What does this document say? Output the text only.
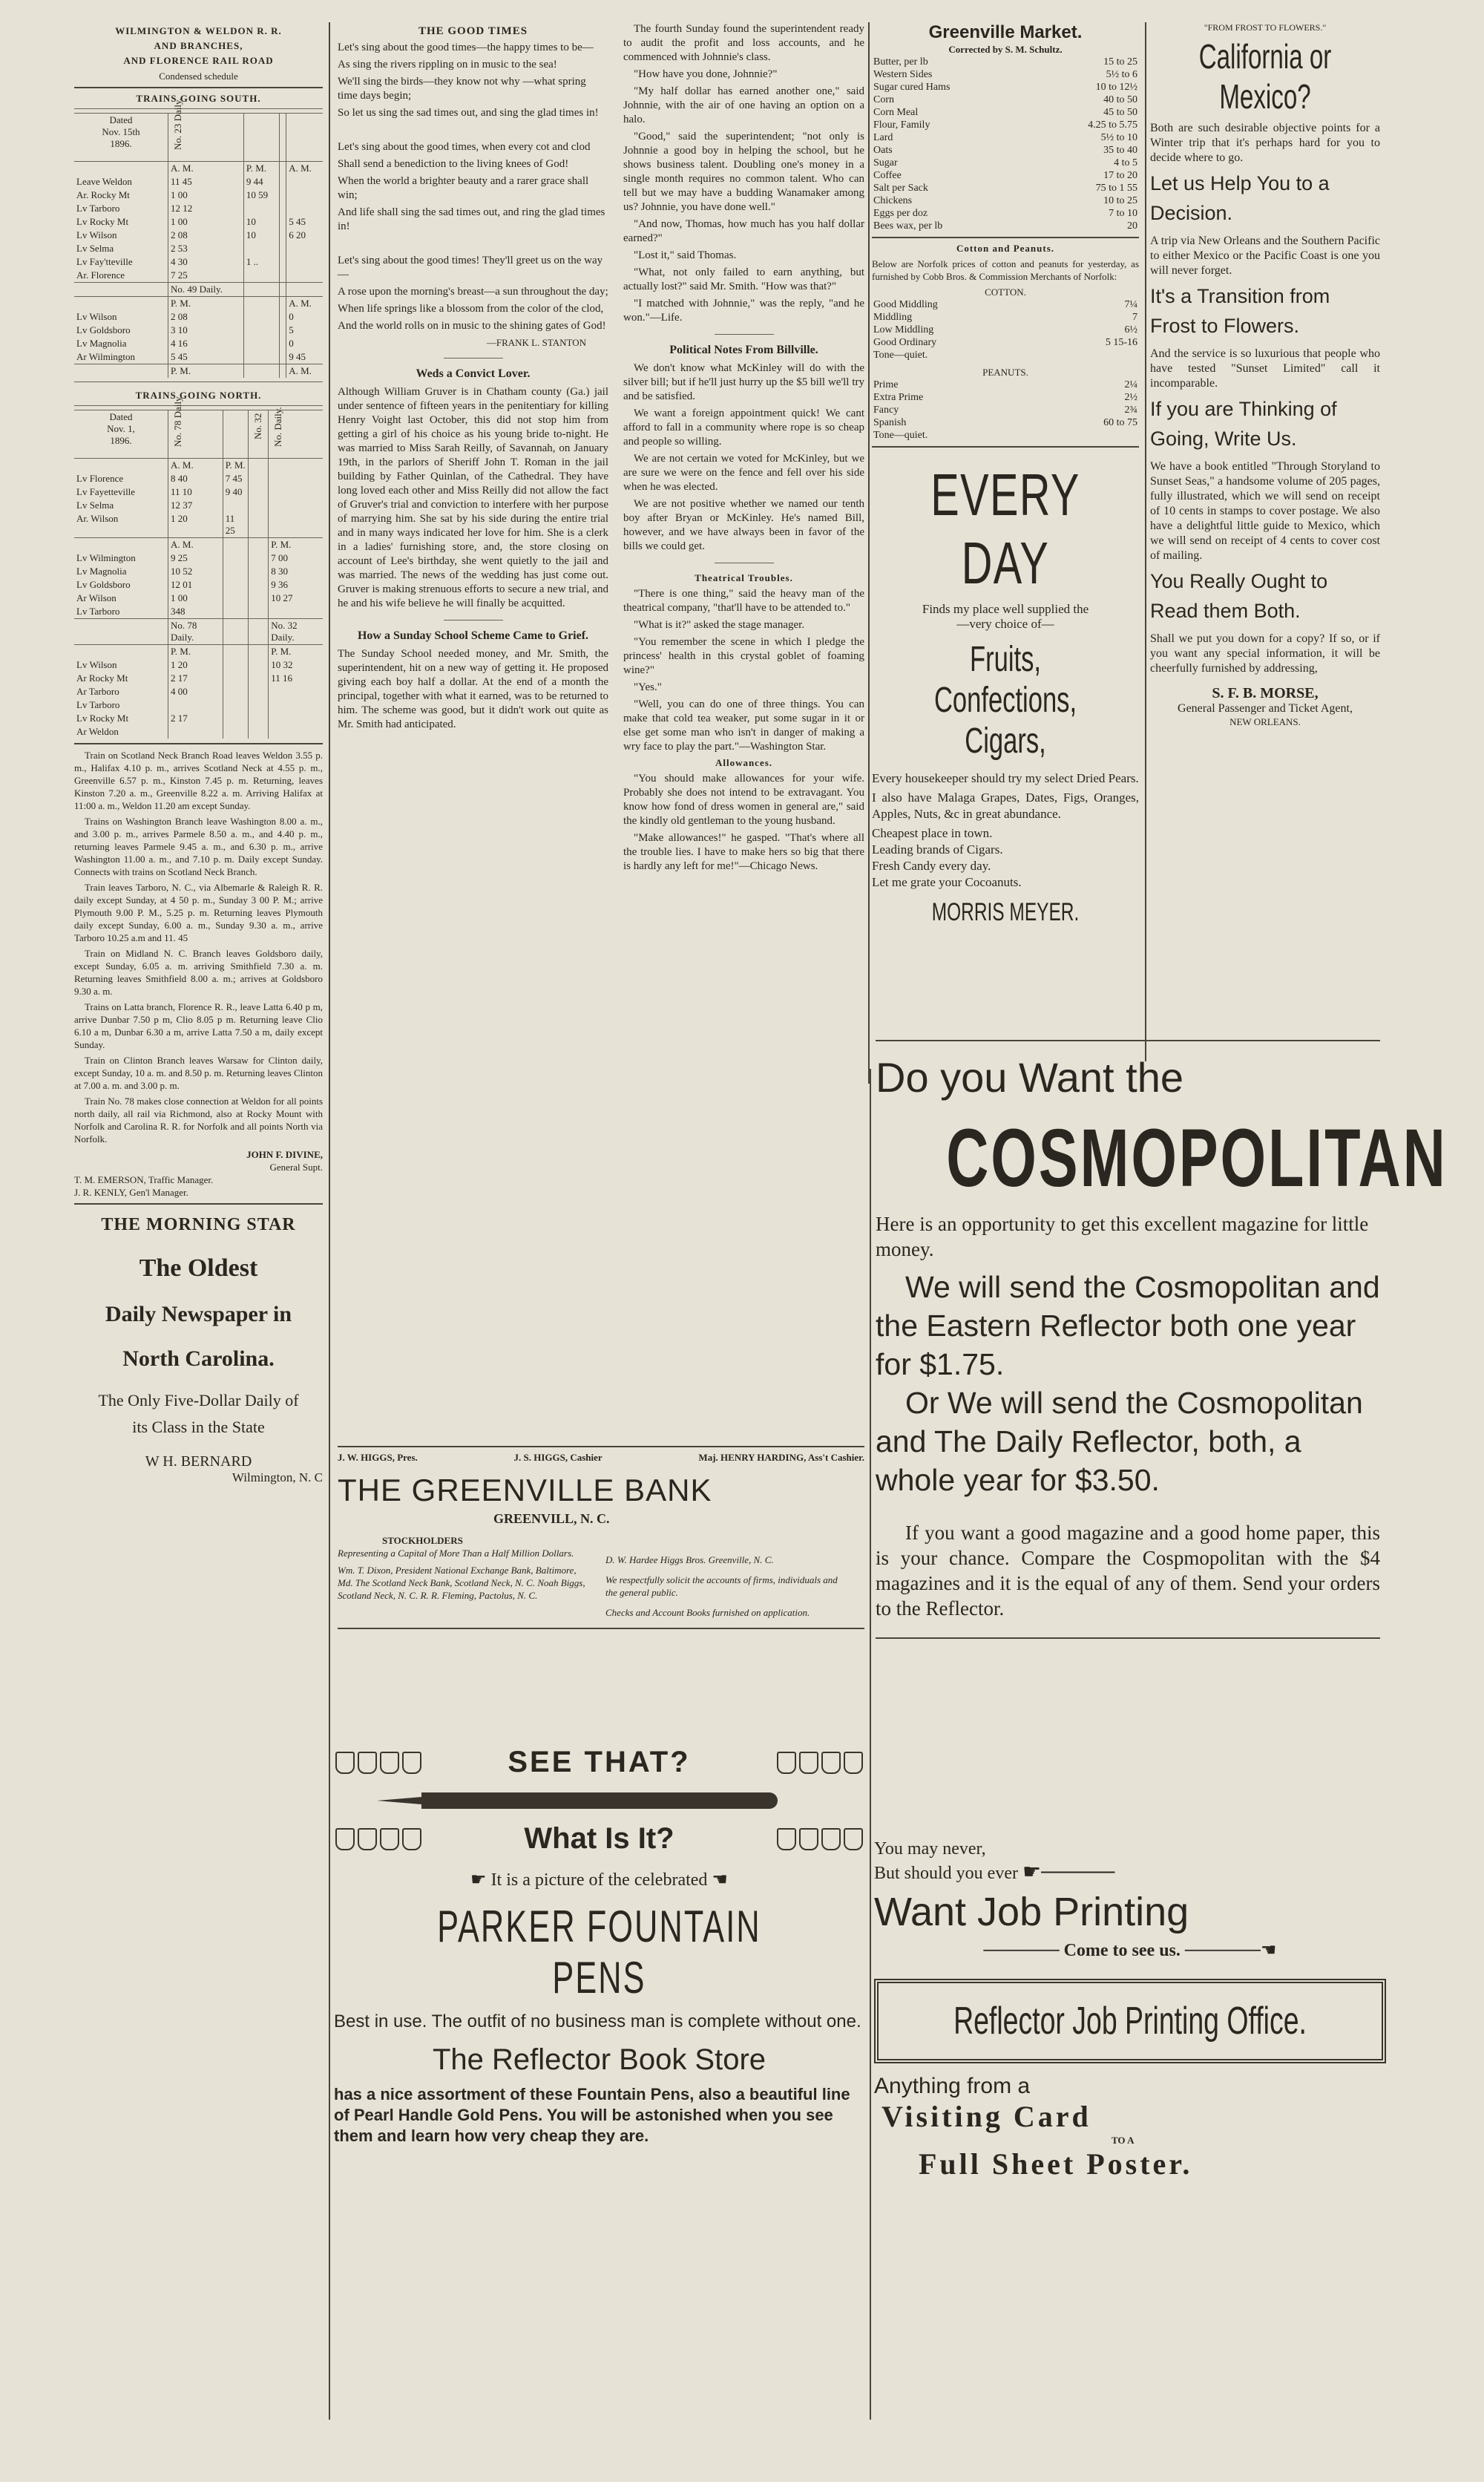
WILMINGTON & WELDON R. R.
AND BRANCHES,
AND FLORENCE RAIL ROAD
Condensed schedule
TRAINS GOING SOUTH.
Dated
Nov. 15th
1896.	No. 23 Daily.			

	A. M.	P. M.		A. M.
Leave Weldon	11 45	9 44		
Ar. Rocky Mt	1 00	10 59		
Lv Tarboro	12 12			
Lv Rocky Mt	1 00	10		5 45
Lv Wilson	2 08	10		6 20
Lv Selma	2 53			
Lv Fay'tteville	4 30	1 ..		
Ar. Florence	7 25			
	No. 49 Daily.			
	P. M.			A. M.
Lv Wilson	2 08			0
Lv Goldsboro	3 10			5
Lv Magnolia	4 16			0
Ar Wilmington	5 45			9 45
	P. M.			A. M.
TRAINS GOING NORTH.
Dated
Nov. 1,
1896.	No. 78 Daily		No. 32	No. Daily.

	A. M.	P. M.		
Lv Florence	8 40	7 45		
Lv Fayetteville	11 10	9 40		
Lv Selma	12 37			
Ar. Wilson	1 20	11 25		
	A. M.			P. M.
Lv Wilmington	9 25			7 00
Lv Magnolia	10 52			8 30
Lv Goldsboro	12 01			9 36
Ar Wilson	1 00			10 27
Lv Tarboro	348			
	No. 78 Daily.			No. 32 Daily.
	P. M.			P. M.
Lv Wilson	1 20			10 32
Ar Rocky Mt	2 17			11 16
Ar Tarboro	4 00			
Lv Tarboro				
Lv Rocky Mt	2 17			
Ar Weldon				

Train on Scotland Neck Branch Road leaves Weldon 3.55 p. m., Halifax 4.10 p. m., arrives Scotland Neck at 4.55 p. m., Greenville 6.57 p. m., Kinston 7.45 p. m. Returning, leaves Kinston 7.20 a. m., Greenville 8.22 a. m. Arriving Halifax at 11:00 a. m., Weldon 11.20 am except Sunday.

Trains on Washington Branch leave Washington 8.00 a. m., and 3.00 p. m., arrives Parmele 8.50 a. m., and 4.40 p. m., returning leaves Parmele 9.45 a. m., and 6.30 p. m., arrive Washington 11.00 a. m., and 7.10 p. m. Daily except Sunday. Connects with trains on Scotland Neck Branch.

Train leaves Tarboro, N. C., via Albemarle & Raleigh R. R. daily except Sunday, at 4 50 p. m., Sunday 3 00 P. M.; arrive Plymouth 9.00 P. M., 5.25 p. m. Returning leaves Plymouth daily except Sunday, 6.00 a. m., Sunday 9.30 a. m., arrive Tarboro 10.25 a.m and 11. 45

Train on Midland N. C. Branch leaves Goldsboro daily, except Sunday, 6.05 a. m. arriving Smithfield 7.30 a. m. Returning leaves Smithfield 8.00 a. m.; arrives at Goldsboro 9.30 a. m.

Trains on Latta branch, Florence R. R., leave Latta 6.40 p m, arrive Dunbar 7.50 p m, Clio 8.05 p m. Returning leave Clio 6.10 a m, Dunbar 6.30 a m, arrive Latta 7.50 a m, daily except Sunday.

Train on Clinton Branch leaves Warsaw for Clinton daily, except Sunday, 10 a. m. and 8.50 p. m. Returning leaves Clinton at 7.00 a. m. and 3.00 p. m.

Train No. 78 makes close connection at Weldon for all points north daily, all rail via Richmond, also at Rocky Mount with Norfolk and Carolina R. R. for Norfolk and all points North via Norfolk.

JOHN F. DIVINE,
General Supt.
T. M. EMERSON, Traffic Manager.
J. R. KENLY, Gen'l Manager.
THE MORNING STAR
The Oldest
Daily Newspaper in
North Carolina.
The Only Five-Dollar Daily of
its Class in the State
W H. BERNARD
Wilmington, N. C
THE GOOD TIMES

Let's sing about the good times—the happy times to be—

As sing the rivers rippling on in music to the sea!

We'll sing the birds—they know not why —what spring time days begin;

So let us sing the sad times out, and sing the glad times in!

Let's sing about the good times, when every cot and clod

Shall send a benediction to the living knees of God!

When the world a brighter beauty and a rarer grace shall win;

And life shall sing the sad times out, and ring the glad times in!

Let's sing about the good times! They'll greet us on the way—

A rose upon the morning's breast—a sun throughout the day;

When life springs like a blossom from the color of the clod,

And the world rolls on in music to the shining gates of God!

—FRANK L. STANTON
Weds a Convict Lover.

Although William Gruver is in Chatham county (Ga.) jail under sentence of fifteen years in the penitentiary for killing Henry Voight last October, this did not stop him from getting a girl of his choice as his young bride to-night. He was married to Miss Sarah Reilly, of Savannah, on January 19th, in the parlors of Sheriff John T. Roman in the jail building by Father Quinlan, of the Cathedral. They have long loved each other and Miss Reilly did not allow the fact of Gruver's trial and conviction to interfere with her purpose of marrying him. She sat by his side during the entire trial and in many ways indicated her love for him. She is a clerk in a ladies' furnishing store, and, the store closing on account of Lee's birthday, she went quietly to the jail and was married. The news of the wedding has just come out. Gruver is making strenuous efforts to secure a new trial, and he and his wife believe he will finally be acquitted.

How a Sunday School Scheme Came to Grief.

The Sunday School needed money, and Mr. Smith, the superintendent, hit on a new way of getting it. He proposed giving each boy half a dollar. At the end of a month the principal, together with what it earned, was to be returned to him. The scheme was good, but it didn't work out quite as Mr. Smith had anticipated.

The fourth Sunday found the superintendent ready to audit the profit and loss accounts, and he commenced with Johnnie's class.

"How have you done, Johnnie?"

"My half dollar has earned another one," said Johnnie, with the air of one having an option on a halo.

"Good," said the superintendent; "not only is Johnnie a good boy in helping the school, but he shows business talent. Doubling one's money in a single month requires no common talent. Who can tell but we may have a budding Wanamaker among us? Johnnie, you have done well."

"And now, Thomas, how much has you half dollar earned?"

"Lost it," said Thomas.

"What, not only failed to earn anything, but actually lost?" said Mr. Smith. "How was that?"

"I matched with Johnnie," was the reply, "and he won."—Life.

Political Notes From Billville.

We don't know what McKinley will do with the silver bill; but if he'll just hurry up the $5 bill we'll try and be satisfied.

We want a foreign appointment quick! We cant afford to fall in a community where rope is so cheap and people so willing.

We are not certain we voted for McKinley, but we are sure we were on the fence and fell over his side when he was elected.

We are not positive whether we named our tenth boy after Bryan or McKinley. He's named Bill, however, and we have always been in favor of the bills we could get.

Theatrical Troubles.

"There is one thing," said the heavy man of the theatrical company, "that'll have to be attended to."

"What is it?" asked the stage manager.

"You remember the scene in which I pledge the princess' health in this crystal goblet of foaming wine?"

"Yes."

"Well, you can do one of three things. You can make that cold tea weaker, put some sugar in it or else get some man who isn't in danger of making a wry face to play the part."—Washington Star.

Allowances.

"You should make allowances for your wife. Probably she does not intend to be extravagant. You know how fond of dress women in general are," said the kindly old gentleman to the young husband.

"Make allowances!" he gasped. "That's where all the trouble lies. I have to make hers so big that there is hardly any left for me!"—Chicago News.

J. W. HIGGS, Pres.	J. S. HIGGS, Cashier	Maj. HENRY HARDING, Ass't Cashier.
THE GREENVILLE BANK
GREENVILL, N. C.
STOCKHOLDERS
Representing a Capital of More Than a Half Million Dollars.
Wm. T. Dixon, President National Exchange Bank, Baltimore, Md. The Scotland Neck Bank, Scotland Neck, N. C. Noah Biggs, Scotland Neck, N. C. R. R. Fleming, Pactolus, N. C.
D. W. Hardee Higgs Bros. Greenville, N. C.
We respectfully solicit the accounts of firms, individuals and the general public.
Checks and Account Books furnished on application.
SEE THAT?
What Is It?
☛ It is a picture of the celebrated ☚
PARKER FOUNTAIN PENS
Best in use. The outfit of no business man is complete without one.
The Reflector Book Store
has a nice assortment of these Fountain Pens, also a beautiful line of Pearl Handle Gold Pens. You will be astonished when you see them and learn how very cheap they are.
Greenville Market.
Corrected by S. M. Schultz.
Butter, per lb	15 to 25
Western Sides	5½ to 6
Sugar cured Hams	10 to 12½
Corn	40 to 50
Corn Meal	45 to 50
Flour, Family	4.25 to 5.75
Lard	5½ to 10
Oats	35 to 40
Sugar	4 to 5
Coffee	17 to 20
Salt per Sack	75 to 1 55
Chickens	10 to 25
Eggs per doz	7 to 10
Bees wax, per lb	20
Cotton and Peanuts.

Below are Norfolk prices of cotton and peanuts for yesterday, as furnished by Cobb Bros. & Commission Merchants of Norfolk:

COTTON.
Good Middling	7¼
Middling	7
Low Middling	6½
Good Ordinary	5 15-16
Tone—quiet.	
PEANUTS.
Prime	2¼
Extra Prime	2½
Fancy	2¾
Spanish	60 to 75
Tone—quiet.	
EVERY DAY
Finds my place well supplied the
—very choice of—
Fruits, Confections, Cigars,

Every housekeeper should try my select Dried Pears.

I also have Malaga Grapes, Dates, Figs, Oranges, Apples, Nuts, &c in great abundance.

Cheapest place in town.
Leading brands of Cigars.
Fresh Candy every day.
Let me grate your Cocoanuts.
MORRIS MEYER.
"FROM FROST TO FLOWERS."
California or Mexico?

Both are such desirable objective points for a Winter trip that it's perhaps hard for you to decide where to go.

Let us Help You to a Decision.

A trip via New Orleans and the Southern Pacific to either Mexico or the Pacific Coast is one you will never forget.

It's a Transition from Frost to Flowers.

And the service is so luxurious that people who have tested "Sunset Limited" call it incomparable.

If you are Thinking of Going, Write Us.

We have a book entitled "Through Storyland to Sunset Seas," a handsome volume of 205 pages, fully illustrated, which we will send on receipt of 10 cents in stamps to cover postage. We also have a delightful little guide to Mexico, which we will send on receipt of 4 cents to cover cost of mailing.

You Really Ought to Read them Both.

Shall we put you down for a copy? If so, or if you want any special information, it will be cheerfully furnished by addressing,

S. F. B. MORSE,
General Passenger and Ticket Agent,
NEW ORLEANS.
Do you Want the
COSMOPOLITAN

Here is an opportunity to get this excellent magazine for little money.

We will send the Cosmopolitan and the Eastern Reflector both one year for $1.75.
Or We will send the Cosmopolitan and The Daily Reflector, both, a whole year for $3.50.

If you want a good magazine and a good home paper, this is your chance. Compare the Cospmopolitan with the $4 magazines and it is the equal of any of them. Send your orders to the Reflector.

You may never,
But should you ever ☛─────
Want Job Printing
────── Come to see us. ──────☚
Reflector Job Printing Office.
Anything from a
Visiting Card
TO A
Full Sheet Poster.
